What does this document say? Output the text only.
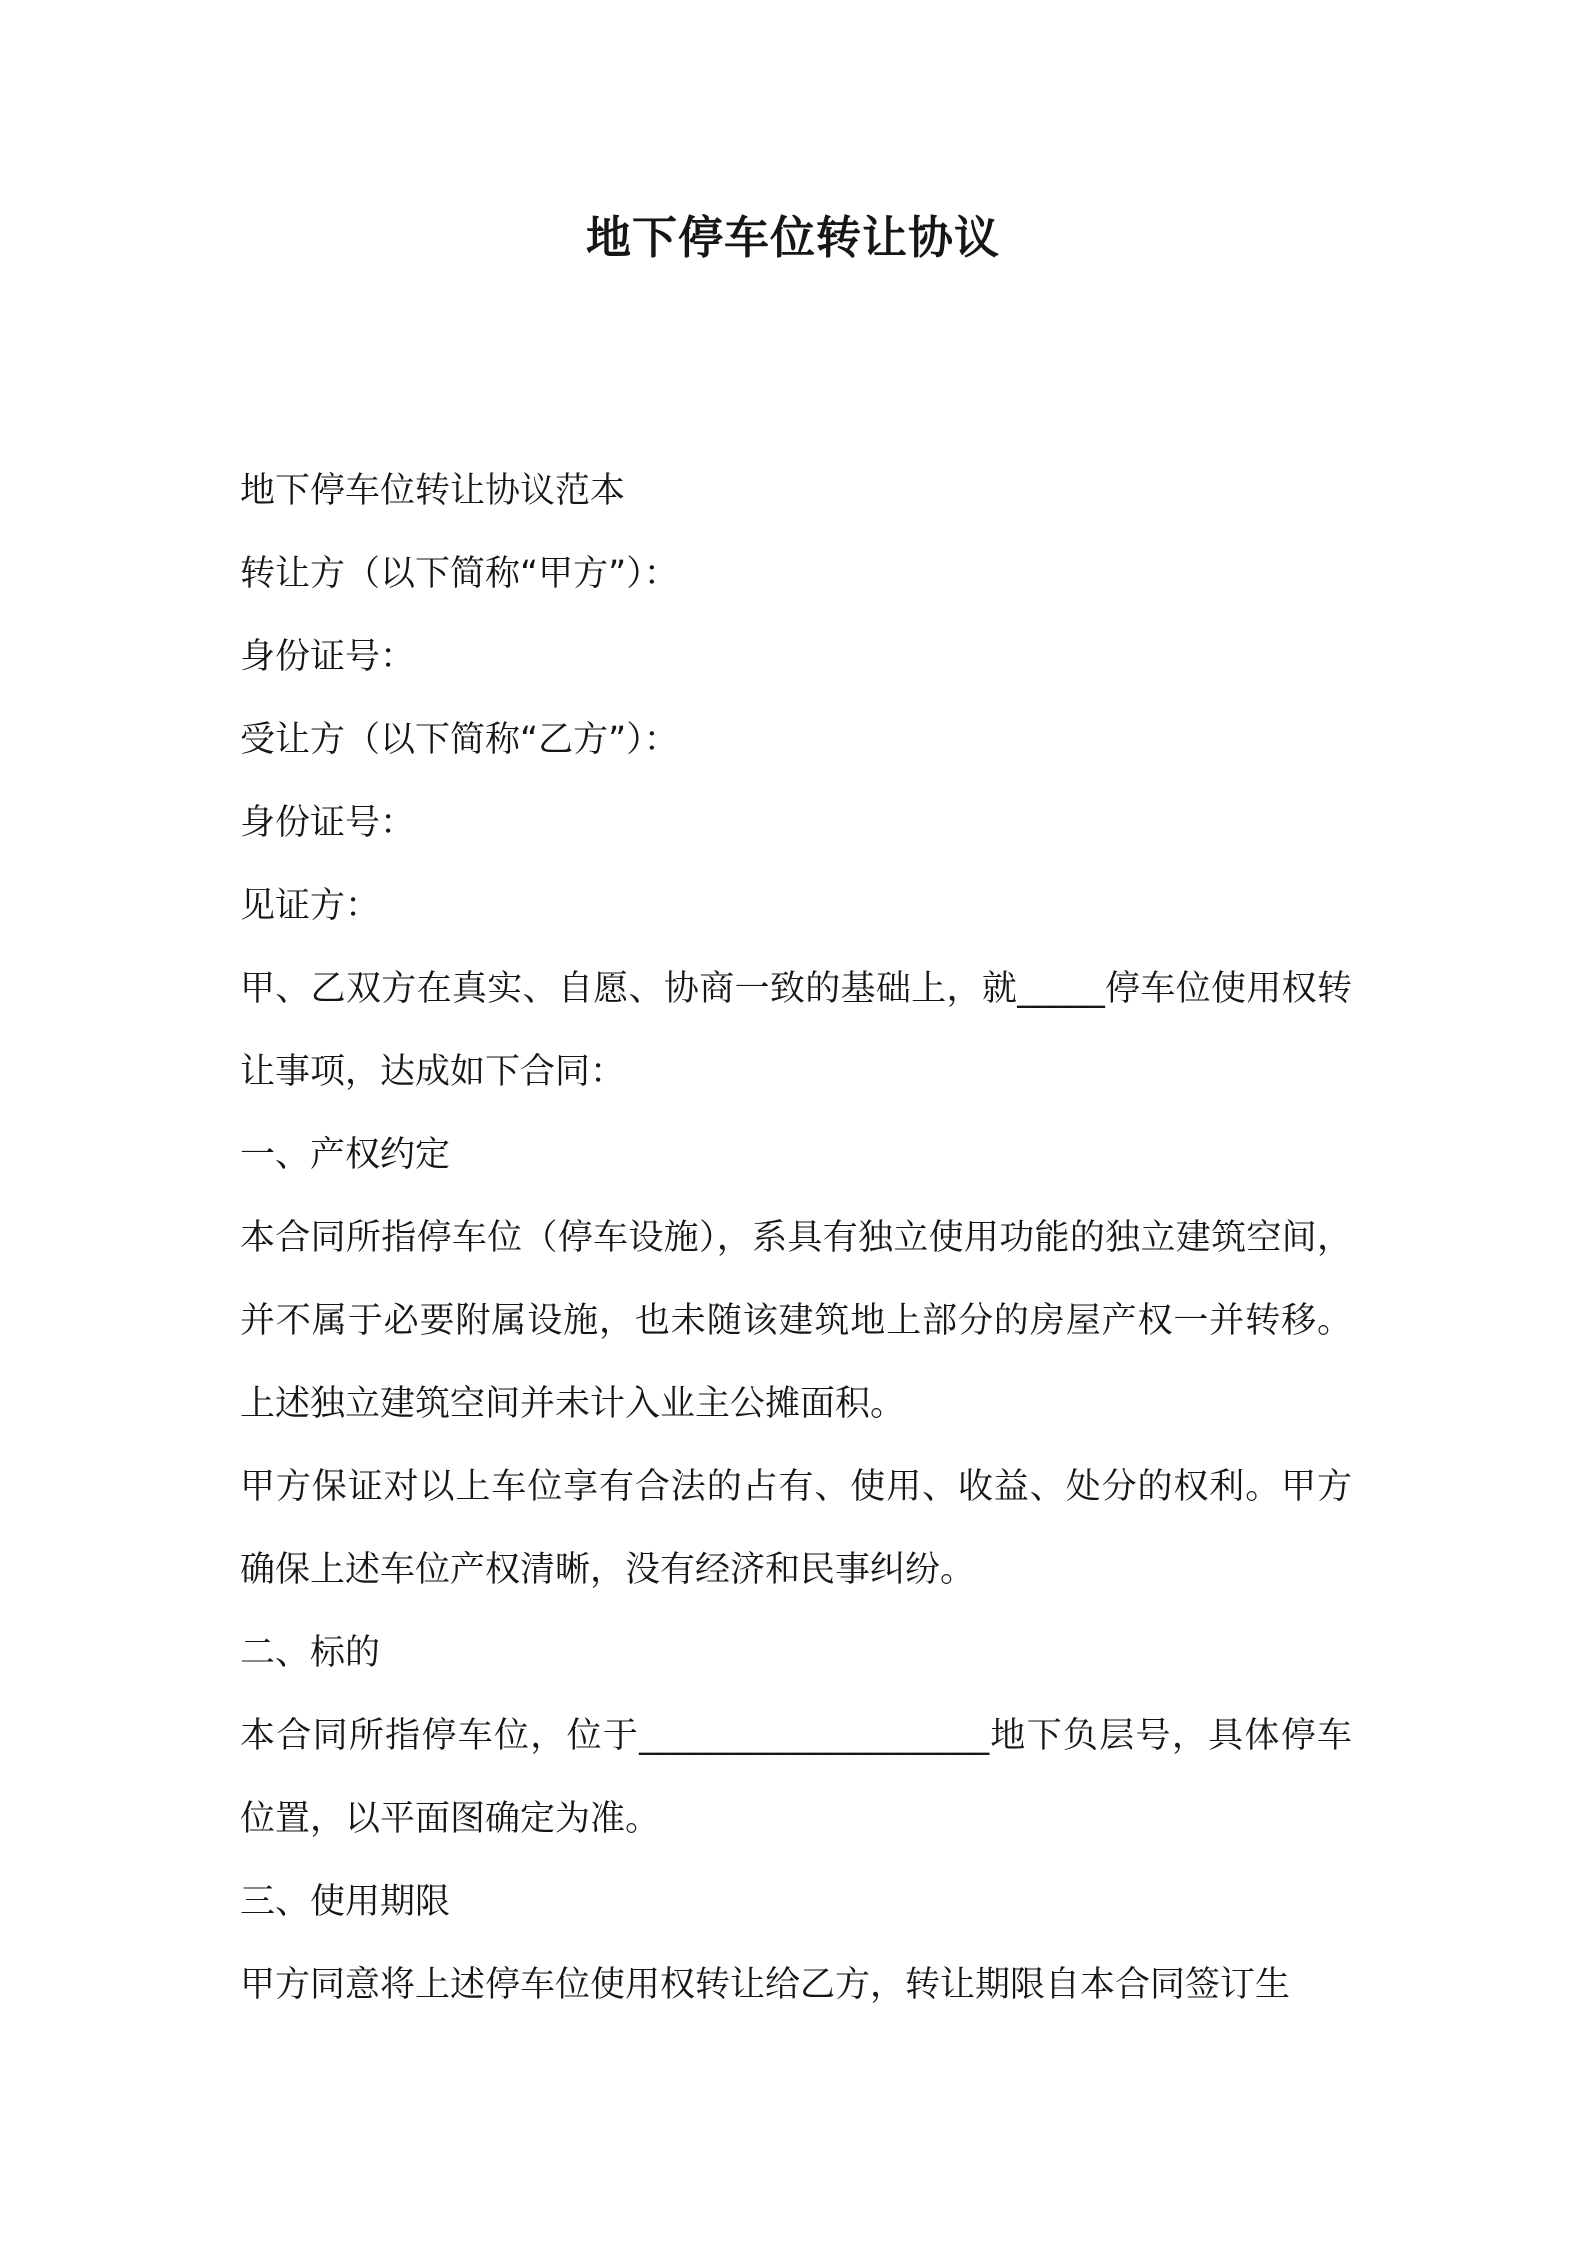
地下停车位转让协议

地下停车位转让协议范本

转让方（以下简称“甲方”）：

身份证号：

受让方（以下简称“乙方”）：

身份证号：

见证方：

甲、乙双方在真实、自愿、协商一致的基础上，就_____停车位使用权转让事项，达成如下合同：

一、产权约定

本合同所指停车位（停车设施），系具有独立使用功能的独立建筑空间，并不属于必要附属设施，也未随该建筑地上部分的房屋产权一并转移。上述独立建筑空间并未计入业主公摊面积。

甲方保证对以上车位享有合法的占有、使用、收益、处分的权利。甲方确保上述车位产权清晰，没有经济和民事纠纷。

二、标的

本合同所指停车位，位于____________________地下负层号，具体停车位置，以平面图确定为准。

三、使用期限

甲方同意将上述停车位使用权转让给乙方，转让期限自本合同签订生
